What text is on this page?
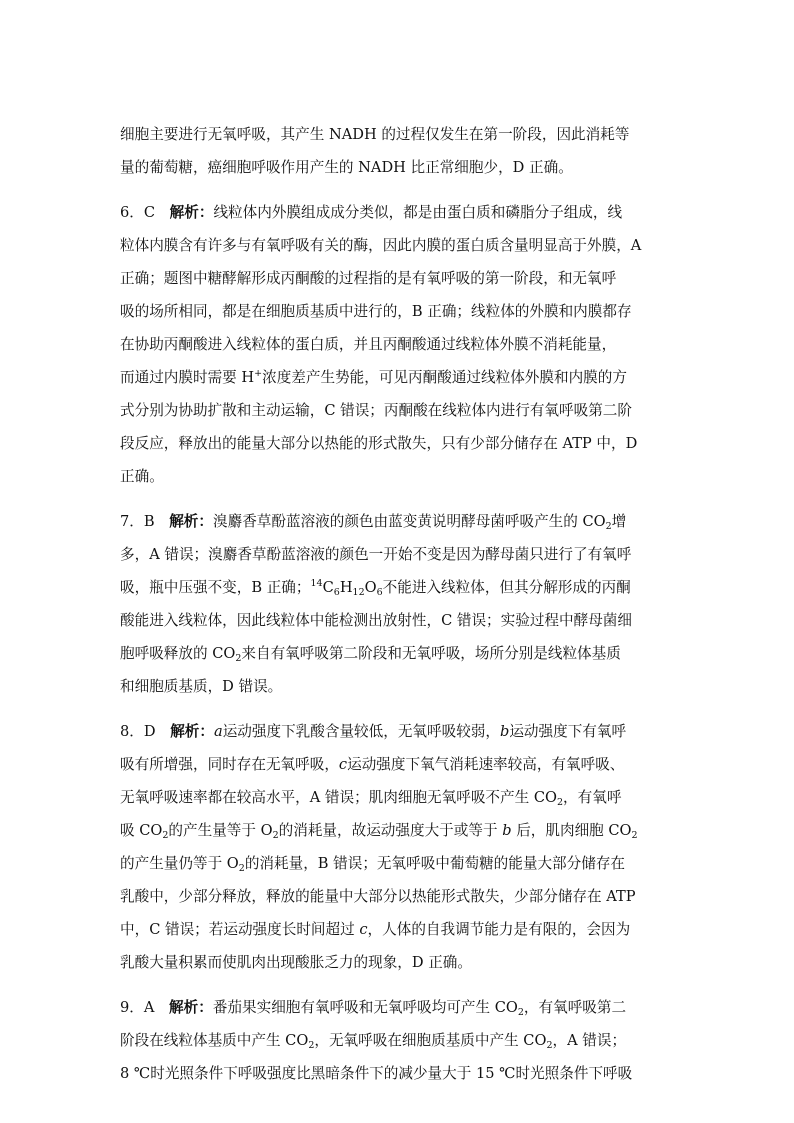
细胞主要进行无氧呼吸，其产生 NADH 的过程仅发生在第一阶段，因此消耗等
量的葡萄糖，癌细胞呼吸作用产生的 NADH 比正常细胞少，D 正确。
6．C  解析：线粒体内外膜组成成分类似，都是由蛋白质和磷脂分子组成，线
粒体内膜含有许多与有氧呼吸有关的酶，因此内膜的蛋白质含量明显高于外膜，A
正确；题图中糖酵解形成丙酮酸的过程指的是有氧呼吸的第一阶段，和无氧呼
吸的场所相同，都是在细胞质基质中进行的，B 正确；线粒体的外膜和内膜都存
在协助丙酮酸进入线粒体的蛋白质，并且丙酮酸通过线粒体外膜不消耗能量，
而通过内膜时需要 H+浓度差产生势能，可见丙酮酸通过线粒体外膜和内膜的方
式分别为协助扩散和主动运输，C 错误；丙酮酸在线粒体内进行有氧呼吸第二阶
段反应，释放出的能量大部分以热能的形式散失，只有少部分储存在 ATP 中，D
正确。
7．B  解析：溴麝香草酚蓝溶液的颜色由蓝变黄说明酵母菌呼吸产生的 $CO_2$增
多，A 错误；溴麝香草酚蓝溶液的颜色一开始不变是因为酵母菌只进行了有氧呼
吸，瓶中压强不变，B 正确；$^{14}C_6H_{12}O_6$不能进入线粒体，但其分解形成的丙酮
酸能进入线粒体，因此线粒体中能检测出放射性，C 错误；实验过程中酵母菌细
胞呼吸释放的 $CO_2$来自有氧呼吸第二阶段和无氧呼吸，场所分别是线粒体基质
和细胞质基质，D 错误。
8．D  解析：a运动强度下乳酸含量较低，无氧呼吸较弱，b运动强度下有氧呼
吸有所增强，同时存在无氧呼吸，c运动强度下氧气消耗速率较高，有氧呼吸、
无氧呼吸速率都在较高水平，A 错误；肌肉细胞无氧呼吸不产生 $CO_2$，有氧呼
吸 $CO_2$的产生量等于 $O_2$的消耗量，故运动强度大于或等于 b 后，肌肉细胞 $CO_2$
的产生量仍等于 $O_2$的消耗量，B 错误；无氧呼吸中葡萄糖的能量大部分储存在
乳酸中，少部分释放，释放的能量中大部分以热能形式散失，少部分储存在 ATP
中，C 错误；若运动强度长时间超过 c，人体的自我调节能力是有限的，会因为
乳酸大量积累而使肌肉出现酸胀乏力的现象，D 正确。
9．A  解析：番茄果实细胞有氧呼吸和无氧呼吸均可产生 $CO_2$，有氧呼吸第二
阶段在线粒体基质中产生 $CO_2$，无氧呼吸在细胞质基质中产生 $CO_2$，A 错误；
8 ℃时光照条件下呼吸强度比黑暗条件下的减少量大于 15 ℃时光照条件下呼吸
